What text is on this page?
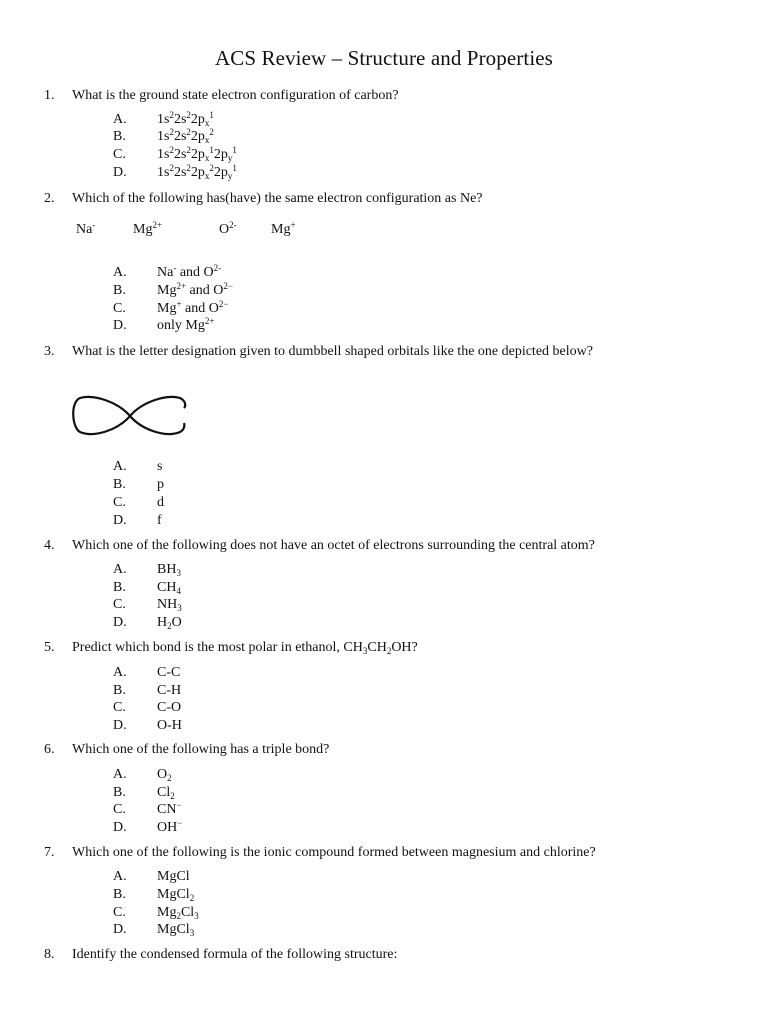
ACS Review – Structure and Properties
1. What is the ground state electron configuration of carbon?
A. $1s^22s^22p_x^1$
B. $1s^22s^22p_x^2$
C. $1s^22s^22p_x^12p_y^1$
D. $1s^22s^22p_x^22p_y^1$
2. Which of the following has(have) the same electron configuration as Ne?
Na-	$Mg^{2+}$	$O^{2-}$ Mg+
A. Na- and $O^{2-}$
B. $Mg^{2+}$ and $O^{2-}$
C. Mg+ and $O^{2-}$
D. only $Mg^{2+}$
3. What is the letter designation given to dumbbell shaped orbitals like the one depicted below?
A. s
B. p
C. d
D. f
4. Which one of the following does not have an octet of electrons surrounding the central atom?
A. $BH_3$
B. $CH_4$
C. $NH_3$
D. $H_2O$
5. Predict which bond is the most polar in ethanol, $CH_3CH_2OH$?
A. C-C
B. C-H
C. C-O
D. O-H
6. Which one of the following has a triple bond?
A. $O_2$
B. $Cl_2$
C. CN−
D. OH−
7. Which one of the following is the ionic compound formed between magnesium and chlorine?
A. MgCl
B. MgCl$_2$
C. $Mg_2Cl_3$
D. MgCl$_3$
8. Identify the condensed formula of the following structure:
